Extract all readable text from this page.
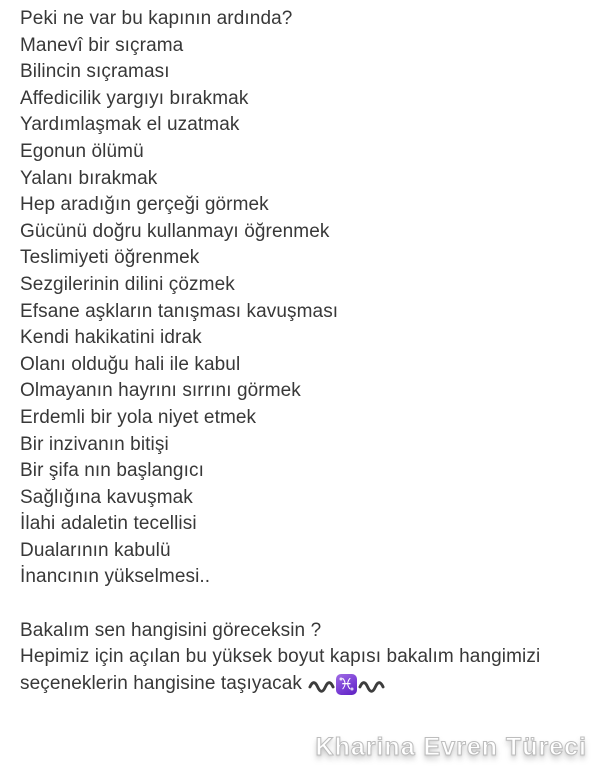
Peki ne var bu kapının ardında?
Manevî bir sıçrama
Bilincin sıçraması
Affedicilik yargıyı bırakmak
Yardımlaşmak el uzatmak
Egonun ölümü
Yalanı bırakmak
Hep aradığın gerçeği görmek
Gücünü doğru kullanmayı öğrenmek
Teslimiyeti öğrenmek
Sezgilerinin dilini çözmek
Efsane aşkların tanışması kavuşması
Kendi hakikatini idrak
Olanı olduğu hali ile kabul
Olmayanın hayrını sırrını görmek
Erdemli bir yola niyet etmek
Bir inzivanın bitişi
Bir şifa nın başlangıcı
Sağlığına kavuşmak
İlahi adaletin tecellisi
Dualarının kabulü
İnancının yükselmesi..
Bakalım sen hangisini göreceksin ?
Hepimiz için açılan bu yüksek boyut kapısı bakalım hangimizi
seçeneklerin hangisine taşıyacak	♓
Kharina Evren Türeci
